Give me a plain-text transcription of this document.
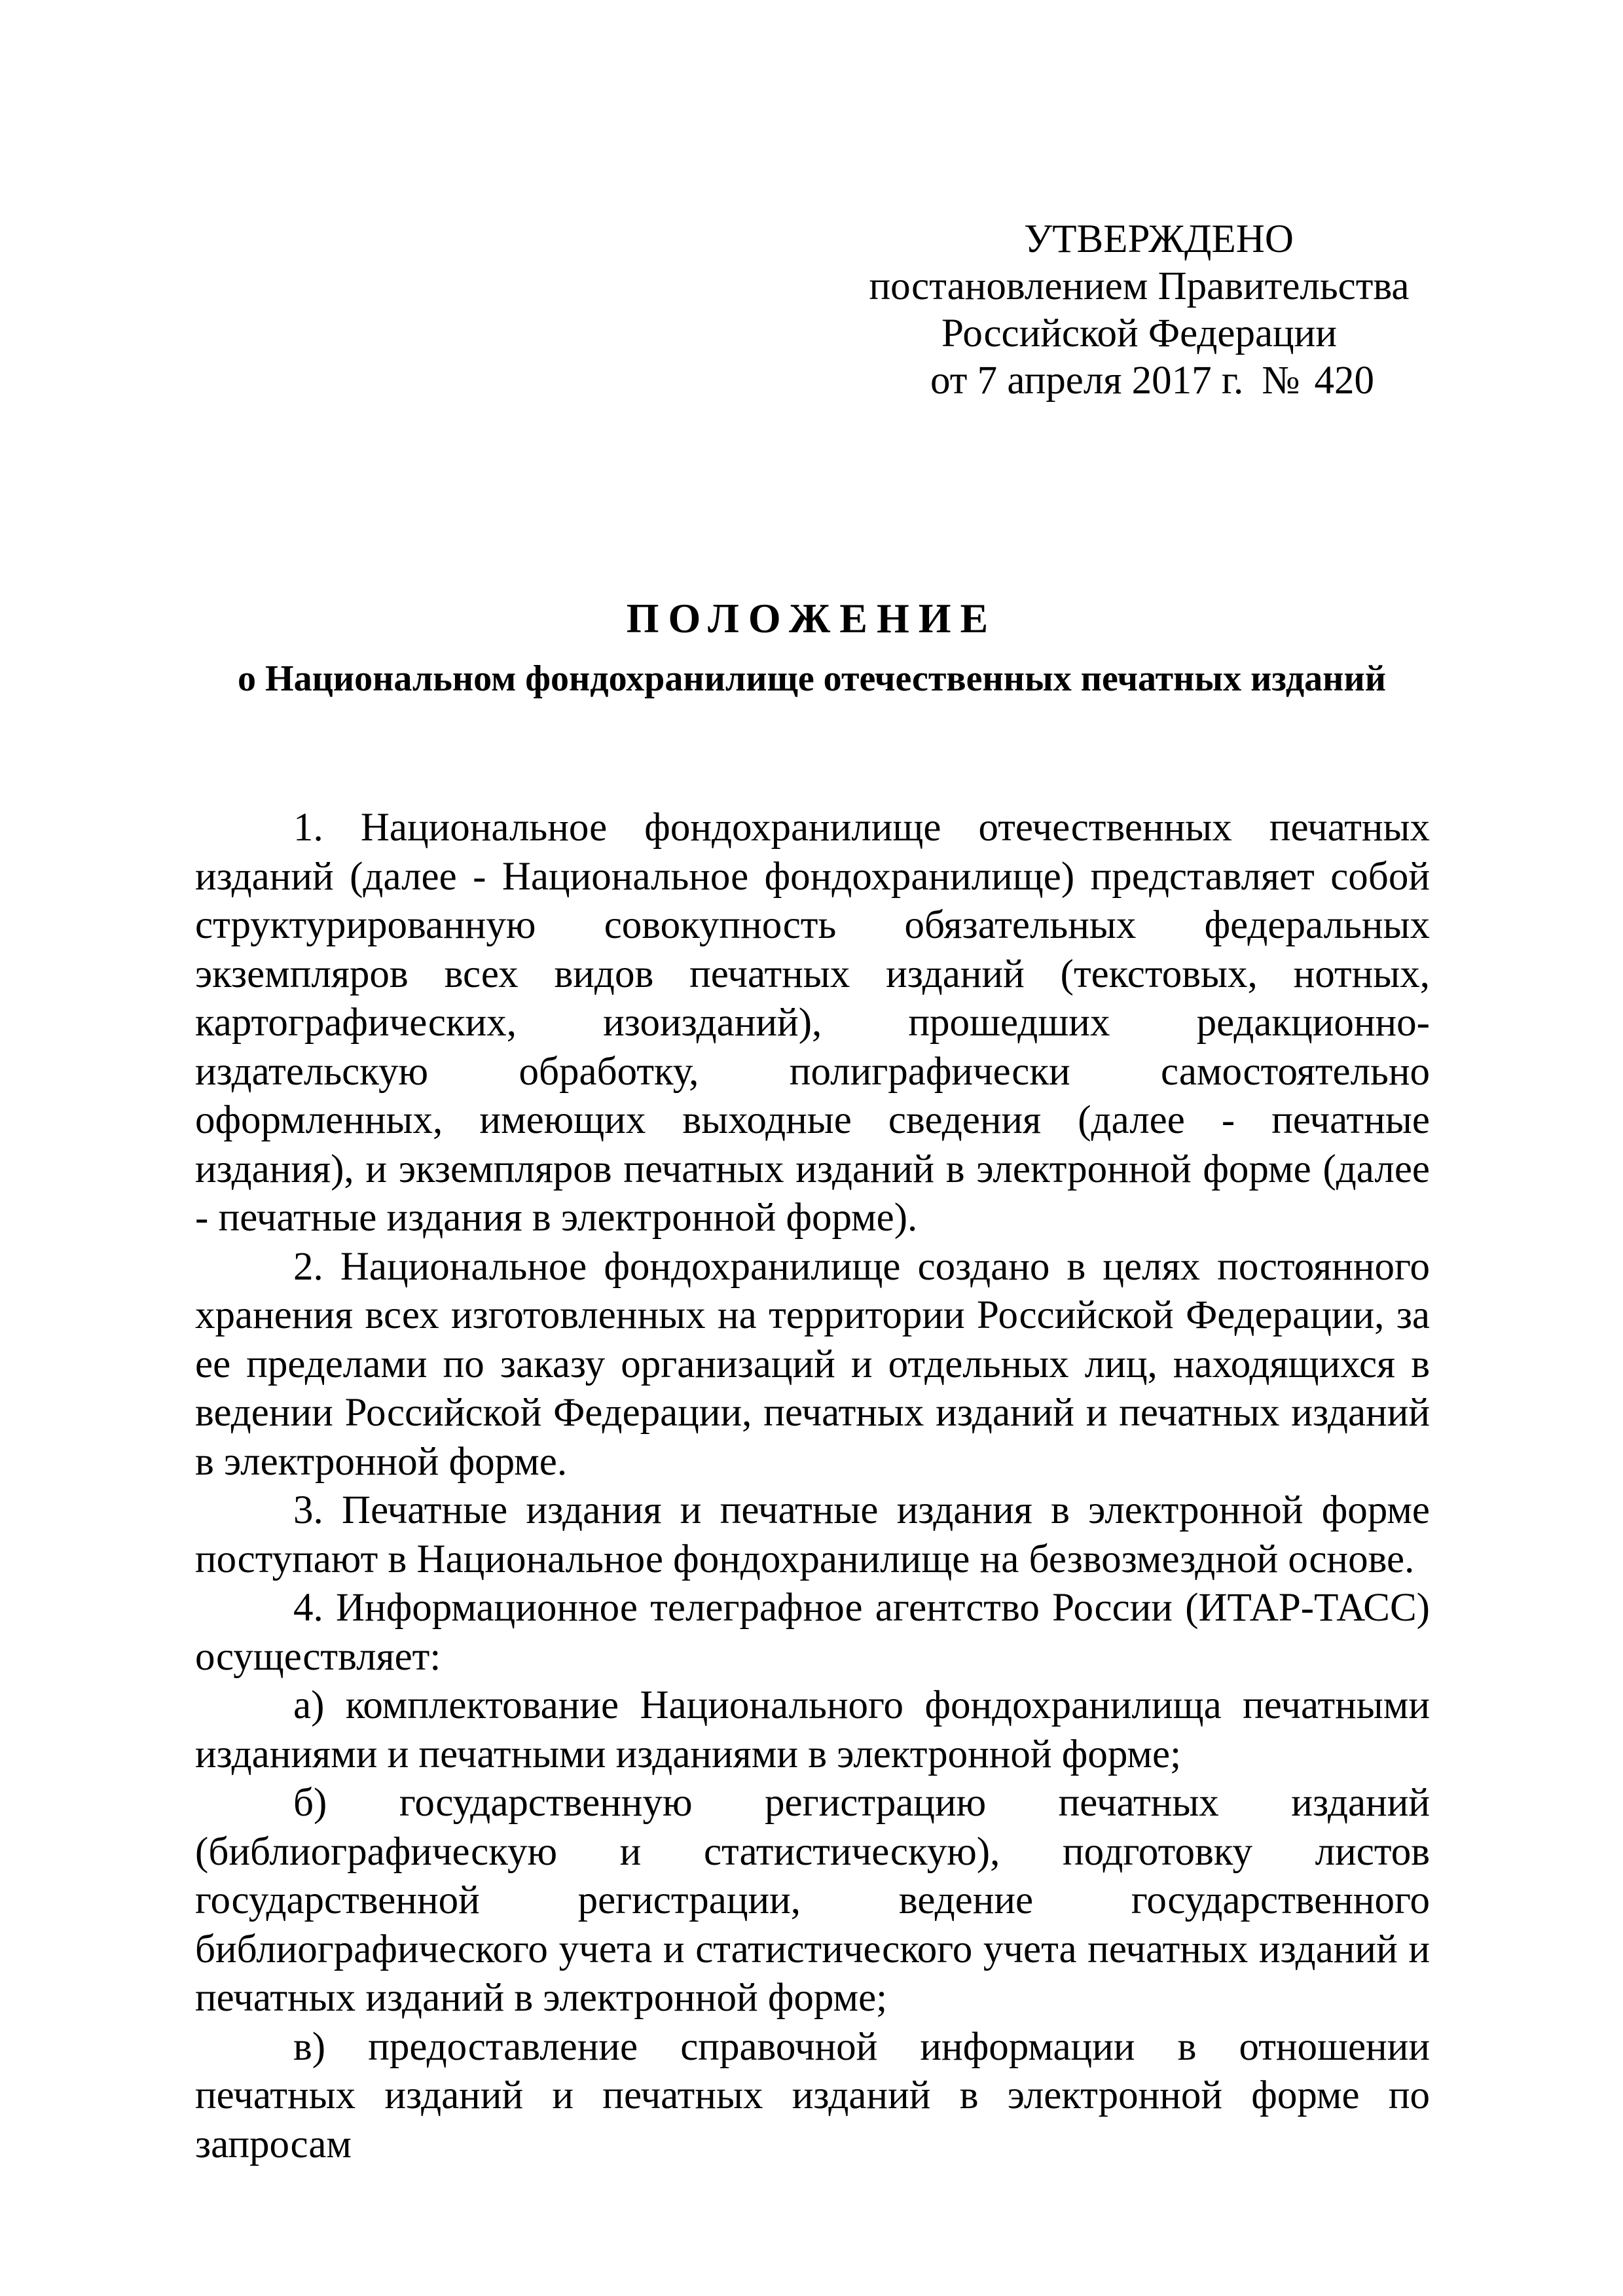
УТВЕРЖДЕНО
постановлением Правительства
Российской Федерации
от 7 апреля 2017 г. № 420
ПОЛОЖЕНИЕ
о Национальном фондохранилище отечественных печатных изданий

1. Национальное фондохранилище отечественных печатных изданий (далее - Национальное фондохранилище) представляет собой структурированную совокупность обязательных федеральных экземпляров всех видов печатных изданий (текстовых, нотных, картографических, изоизданий), прошедших редакционно-издательскую обработку, полиграфически самостоятельно оформленных, имеющих выходные сведения (далее - печатные издания), и экземпляров печатных изданий в электронной форме (далее - печатные издания в электронной форме).

2. Национальное фондохранилище создано в целях постоянного хранения всех изготовленных на территории Российской Федерации, за ее пределами по заказу организаций и отдельных лиц, находящихся в ведении Российской Федерации, печатных изданий и печатных изданий в электронной форме.

3. Печатные издания и печатные издания в электронной форме поступают в Национальное фондохранилище на безвозмездной основе.

4. Информационное телеграфное агентство России (ИТАР-ТАСС) осуществляет:

а) комплектование Национального фондохранилища печатными изданиями и печатными изданиями в электронной форме;

б) государственную регистрацию печатных изданий (библиографическую и статистическую), подготовку листов государственной регистрации, ведение государственного библиографического учета и статистического учета печатных изданий и печатных изданий в электронной форме;

в) предоставление справочной информации в отношении печатных изданий и печатных изданий в электронной форме по запросам
